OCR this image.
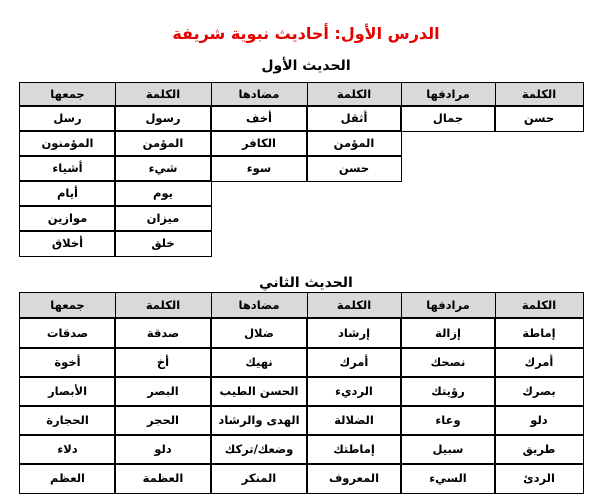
الدرس الأول: أحاديث نبوية شريفة
الحديث الأول
الكلمة
مرادفها
الكلمة
مضادها
الكلمة
جمعها
حسن
جمال
أثقل
أخف
المؤمن
الكافر
حسن
سوء
رسول
رسل
المؤمن
المؤمنون
شيء
أشياء
يوم
أيام
ميزان
موازين
خلق
أخلاق
الحديث الثاني
الكلمة
مرادفها
الكلمة
مضادها
الكلمة
جمعها
إماطة
إزالة
إرشاد
ضلال
صدقة
صدقات
أمرك
نصحك
أمرك
نهيك
أخ
أخوة
بصرك
رؤيتك
الرديء
الحسن الطيب
البصر
الأبصار
دلو
وعاء
الضلالة
الهدى والرشاد
الحجر
الحجارة
طريق
سبيل
إماطتك
وضعك/تركك
دلو
دلاء
الردئ
السيء
المعروف
المنكر
العظمة
العظم
